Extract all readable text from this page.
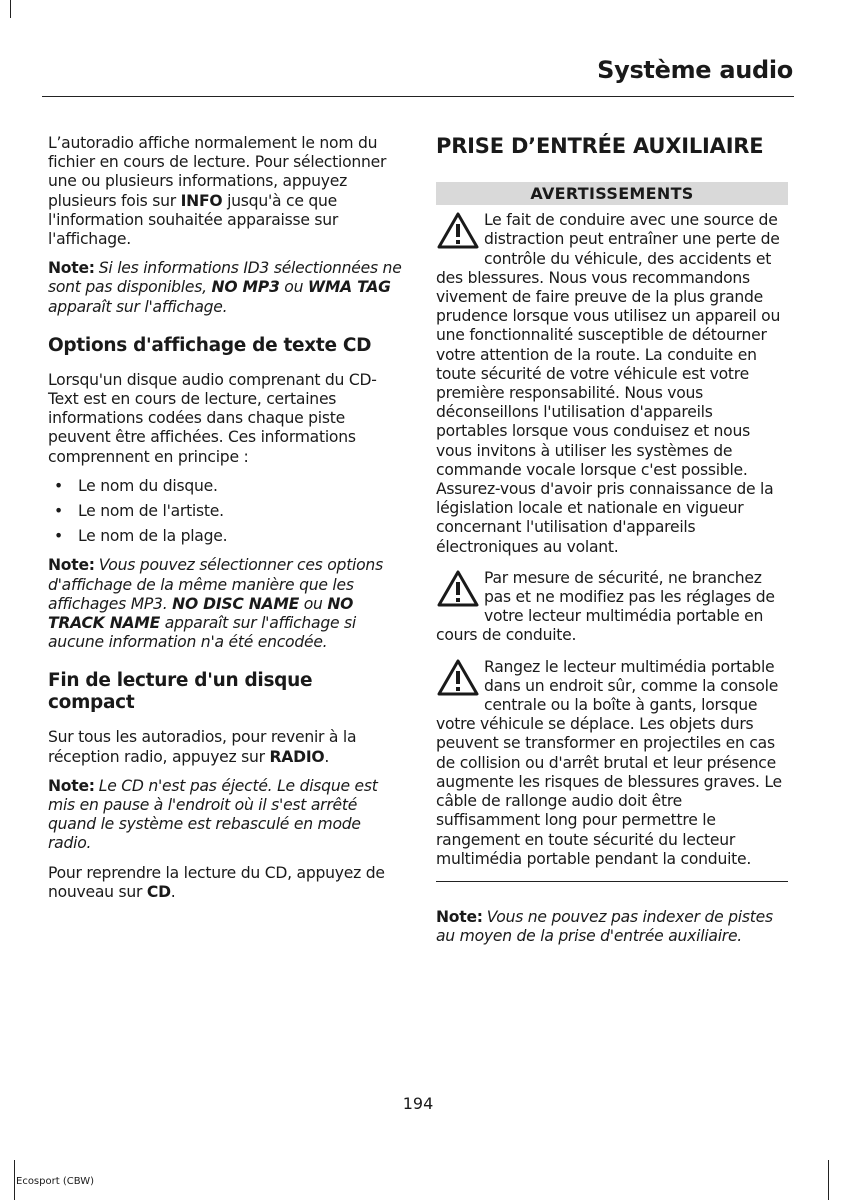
Système audio

L’autoradio affiche normalement le nom du fichier en cours de lecture. Pour sélectionner une ou plusieurs informations, appuyez plusieurs fois sur INFO jusqu'à ce que l'information souhaitée apparaisse sur l'affichage.

Note: Si les informations ID3 sélectionnées ne sont pas disponibles, NO MP3 ou WMA TAG apparaît sur l'affichage.

Options d'affichage de texte CD

Lorsqu'un disque audio comprenant du CD-Text est en cours de lecture, certaines informations codées dans chaque piste peuvent être affichées. Ces informations comprennent en principe :

• Le nom du disque.
• Le nom de l'artiste.
• Le nom de la plage.

Note: Vous pouvez sélectionner ces options d'affichage de la même manière que les affichages MP3. NO DISC NAME ou NO TRACK NAME apparaît sur l'affichage si aucune information n'a été encodée.

Fin de lecture d'un disque compact

Sur tous les autoradios, pour revenir à la réception radio, appuyez sur RADIO.

Note: Le CD n'est pas éjecté. Le disque est mis en pause à l'endroit où il s'est arrêté quand le système est rebasculé en mode radio.

Pour reprendre la lecture du CD, appuyez de nouveau sur CD.

PRISE D’ENTRÉE AUXILIAIRE
AVERTISSEMENTS
Le fait de conduire avec une source de distraction peut entraîner une perte de contrôle du véhicule, des accidents et des blessures. Nous vous recommandons vivement de faire preuve de la plus grande prudence lorsque vous utilisez un appareil ou une fonctionnalité susceptible de détourner votre attention de la route. La conduite en toute sécurité de votre véhicule est votre première responsabilité. Nous vous déconseillons l'utilisation d'appareils portables lorsque vous conduisez et nous vous invitons à utiliser les systèmes de commande vocale lorsque c'est possible. Assurez-vous d'avoir pris connaissance de la législation locale et nationale en vigueur concernant l'utilisation d'appareils électroniques au volant.
Par mesure de sécurité, ne branchez pas et ne modifiez pas les réglages de votre lecteur multimédia portable en cours de conduite.
Rangez le lecteur multimédia portable dans un endroit sûr, comme la console centrale ou la boîte à gants, lorsque votre véhicule se déplace. Les objets durs peuvent se transformer en projectiles en cas de collision ou d'arrêt brutal et leur présence augmente les risques de blessures graves. Le câble de rallonge audio doit être suffisamment long pour permettre le rangement en toute sécurité du lecteur multimédia portable pendant la conduite.

Note: Vous ne pouvez pas indexer de pistes au moyen de la prise d'entrée auxiliaire.

194
Ecosport (CBW)
